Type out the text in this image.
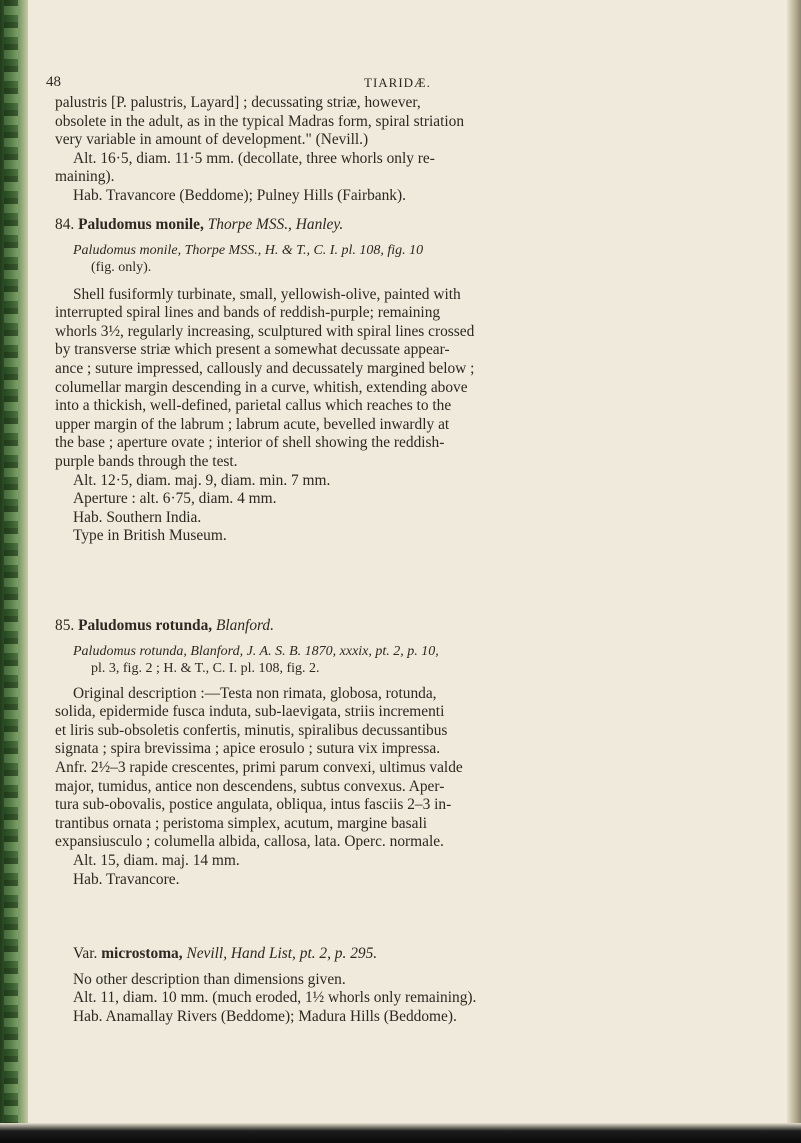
48	TIARIDÆ.

palustris [P. palustris, Layard] ; decussating striæ, however,

obsolete in the adult, as in the typical Madras form, spiral striation

very variable in amount of development." (Nevill.)

Alt. 16·5, diam. 11·5 mm. (decollate, three whorls only re-

maining).

Hab. Travancore (Beddome); Pulney Hills (Fairbank).

84. Paludomus monile, Thorpe MSS., Hanley.

Paludomus monile, Thorpe MSS., H. & T., C. I. pl. 108, fig. 10

(fig. only).

Shell fusiformly turbinate, small, yellowish-olive, painted with

interrupted spiral lines and bands of reddish-purple; remaining

whorls 3½, regularly increasing, sculptured with spiral lines crossed

by transverse striæ which present a somewhat decussate appear-

ance ; suture impressed, callously and decussately margined below ;

columellar margin descending in a curve, whitish, extending above

into a thickish, well-defined, parietal callus which reaches to the

upper margin of the labrum ; labrum acute, bevelled inwardly at

the base ; aperture ovate ; interior of shell showing the reddish-

purple bands through the test.

Alt. 12·5, diam. maj. 9, diam. min. 7 mm.

Aperture : alt. 6·75, diam. 4 mm.

Hab. Southern India.

Type in British Museum.

85. Paludomus rotunda, Blanford.

Paludomus rotunda, Blanford, J. A. S. B. 1870, xxxix, pt. 2, p. 10,

pl. 3, fig. 2 ; H. & T., C. I. pl. 108, fig. 2.

Original description :—Testa non rimata, globosa, rotunda,

solida, epidermide fusca induta, sub-laevigata, striis incrementi

et liris sub-obsoletis confertis, minutis, spiralibus decussantibus

signata ; spira brevissima ; apice erosulo ; sutura vix impressa.

Anfr. 2½–3 rapide crescentes, primi parum convexi, ultimus valde

major, tumidus, antice non descendens, subtus convexus. Aper-

tura sub-obovalis, postice angulata, obliqua, intus fasciis 2–3 in-

trantibus ornata ; peristoma simplex, acutum, margine basali

expansiusculo ; columella albida, callosa, lata. Operc. normale.

Alt. 15, diam. maj. 14 mm.

Hab. Travancore.

Var. microstoma, Nevill, Hand List, pt. 2, p. 295.

No other description than dimensions given.

Alt. 11, diam. 10 mm. (much eroded, 1½ whorls only remaining).

Hab. Anamallay Rivers (Beddome); Madura Hills (Beddome).
